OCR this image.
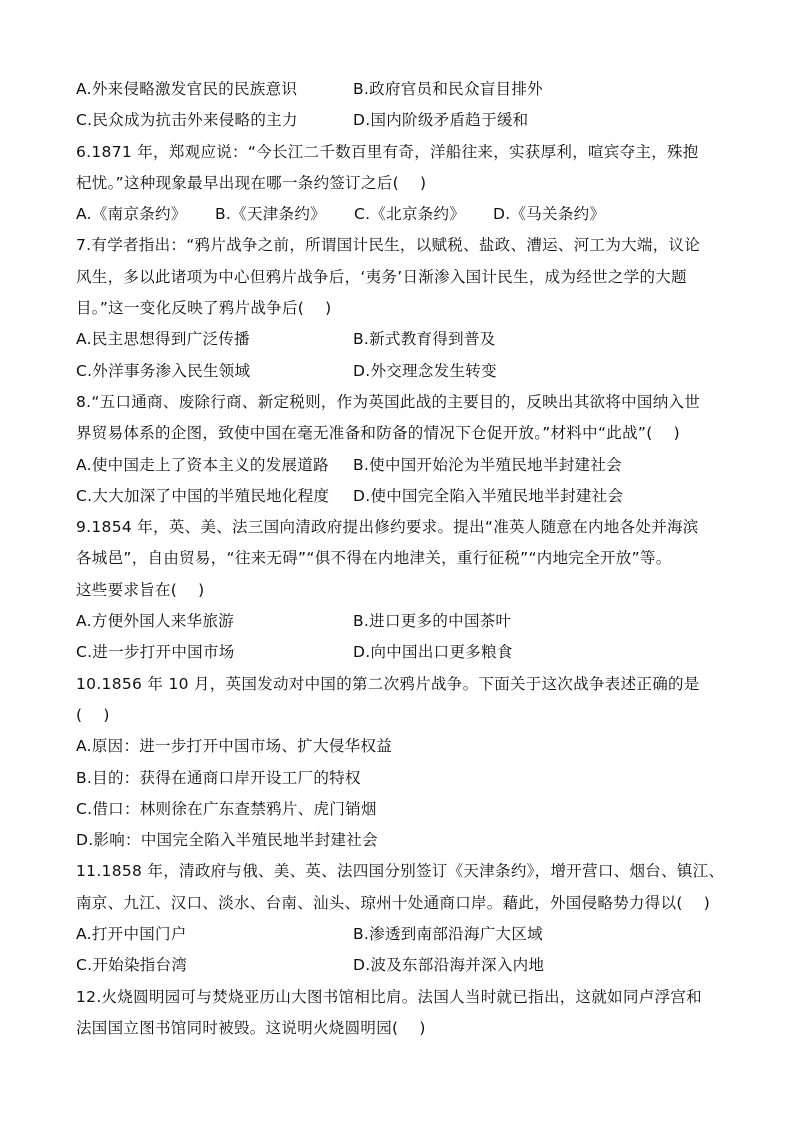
A.外来侵略激发官民的民族意识	B.政府官员和民众盲目排外
C.民众成为抗击外来侵略的主力	D.国内阶级矛盾趋于缓和
6.1871 年，郑观应说：“今长江二千数百里有奇，洋船往来，实获厚利，喧宾夺主，殊抱
杞忧。”这种现象最早出现在哪一条约签订之后(　 )
A.《南京条约》	B.《天津条约》	C.《北京条约》	D.《马关条约》
7.有学者指出：“鸦片战争之前，所谓国计民生，以赋税、盐政、漕运、河工为大端，议论
风生，多以此诸项为中心但鸦片战争后，‘夷务’日渐渗入国计民生，成为经世之学的大题
目。”这一变化反映了鸦片战争后(　 )
A.民主思想得到广泛传播	B.新式教育得到普及
C.外洋事务渗入民生领域	D.外交理念发生转变
8.“五口通商、废除行商、新定税则，作为英国此战的主要目的，反映出其欲将中国纳入世
界贸易体系的企图，致使中国在毫无准备和防备的情况下仓促开放。”材料中“此战”(　 )
A.使中国走上了资本主义的发展道路 B.使中国开始沦为半殖民地半封建社会
C.大大加深了中国的半殖民地化程度 D.使中国完全陷入半殖民地半封建社会
9.1854 年，英、美、法三国向清政府提出修约要求。提出“准英人随意在内地各处并海滨
各城邑”，自由贸易，“往来无碍”“俱不得在内地津关，重行征税”“内地完全开放”等。
这些要求旨在(　 )
A.方便外国人来华旅游	B.进口更多的中国茶叶
C.进一步打开中国市场	D.向中国出口更多粮食
10.1856 年 10 月，英国发动对中国的第二次鸦片战争。下面关于这次战争表述正确的是
(　 )
A.原因：进一步打开中国市场、扩大侵华权益
B.目的：获得在通商口岸开设工厂的特权
C.借口：林则徐在广东查禁鸦片、虎门销烟
D.影响：中国完全陷入半殖民地半封建社会
11.1858 年，清政府与俄、美、英、法四国分别签订《天津条约》，增开营口、烟台、镇江、
南京、九江、汉口、淡水、台南、汕头、琼州十处通商口岸。藉此，外国侵略势力得以(　 )
A.打开中国门户	B.渗透到南部沿海广大区域
C.开始染指台湾	D.波及东部沿海并深入内地
12.火烧圆明园可与焚烧亚历山大图书馆相比肩。法国人当时就已指出，这就如同卢浮宫和
法国国立图书馆同时被毁。这说明火烧圆明园(　 )
